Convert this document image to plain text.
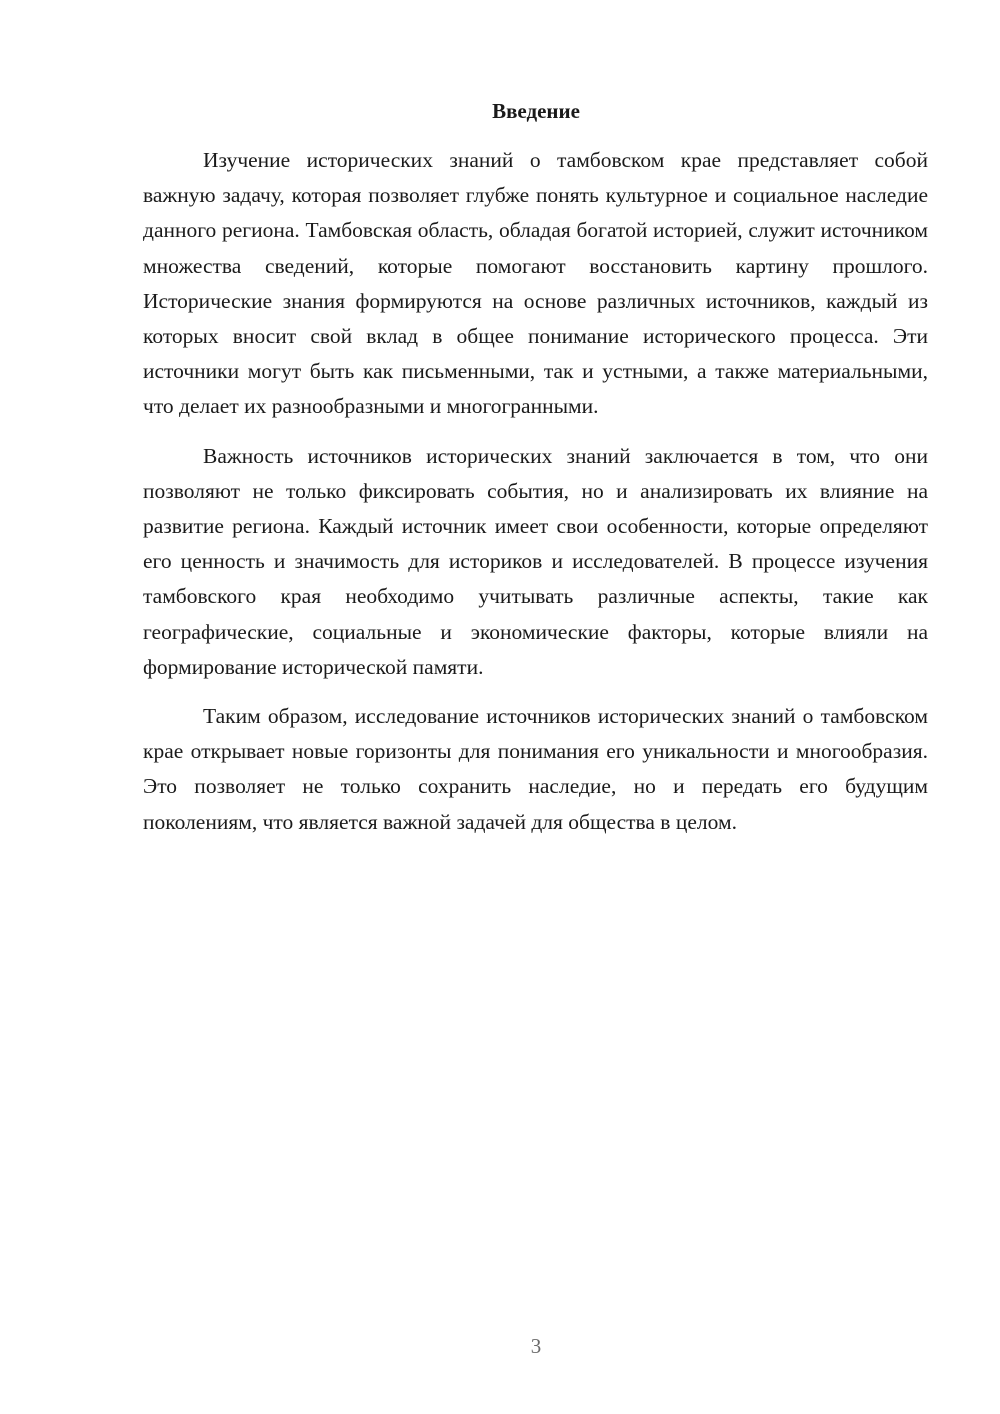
Введение

Изучение исторических знаний о тамбовском крае представляет собой важную задачу, которая позволяет глубже понять культурное и социальное наследие данного региона. Тамбовская область, обладая богатой историей, служит источником множества сведений, которые помогают восстановить картину прошлого. Исторические знания формируются на основе различных источников, каждый из которых вносит свой вклад в общее понимание исторического процесса. Эти источники могут быть как письменными, так и устными, а также материальными, что делает их разнообразными и многогранными.

Важность источников исторических знаний заключается в том, что они позволяют не только фиксировать события, но и анализировать их влияние на развитие региона. Каждый источник имеет свои особенности, которые определяют его ценность и значимость для историков и исследователей. В процессе изучения тамбовского края необходимо учитывать различные аспекты, такие как географические, социальные и экономические факторы, которые влияли на формирование исторической памяти.

Таким образом, исследование источников исторических знаний о тамбовском крае открывает новые горизонты для понимания его уникальности и многообразия. Это позволяет не только сохранить наследие, но и передать его будущим поколениям, что является важной задачей для общества в целом.

3
